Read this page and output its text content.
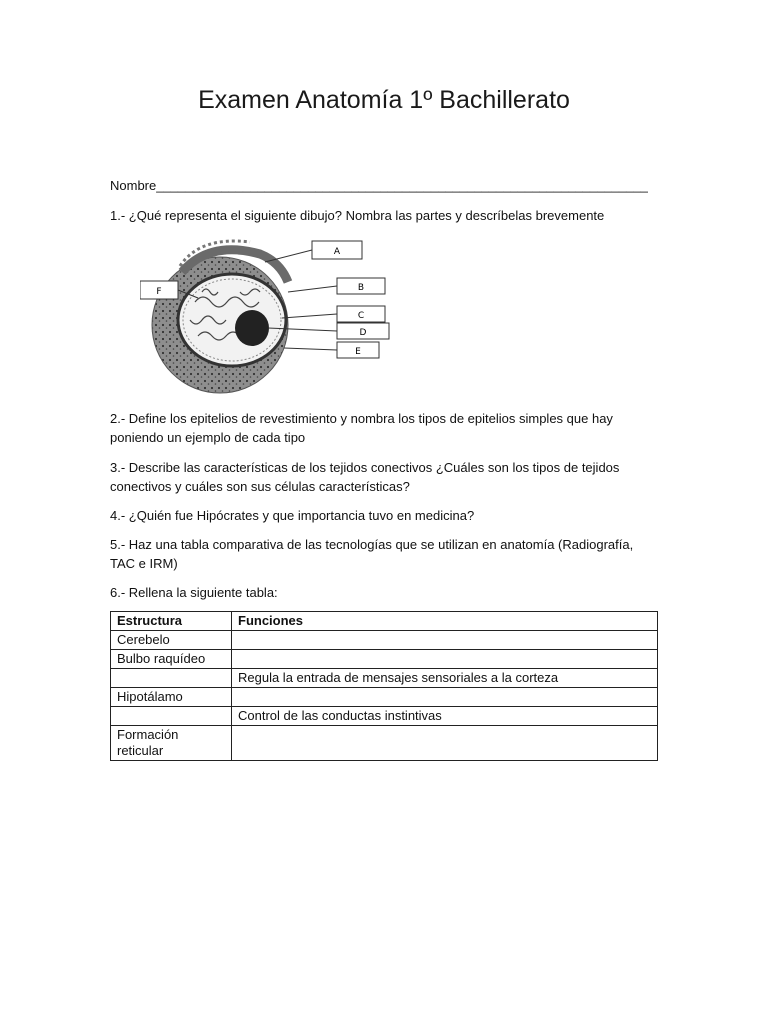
Examen Anatomía 1º Bachillerato

Nombre____________________________________________________________________

1.- ¿Qué representa el siguiente dibujo? Nombra las partes y descríbelas brevemente

A
B
C
D
E
F

2.- Define los epitelios de revestimiento y nombra los tipos de epitelios simples que hay poniendo un ejemplo de cada tipo

3.- Describe las características de los tejidos conectivos ¿Cuáles son los tipos de tejidos conectivos y cuáles son sus células características?

4.- ¿Quién fue Hipócrates y que importancia tuvo en medicina?

5.- Haz una tabla comparativa de las tecnologías que se utilizan en anatomía (Radiografía, TAC e IRM)

6.- Rellena la siguiente tabla:

Estructura	Funciones
Cerebelo	
Bulbo raquídeo	
	Regula la entrada de mensajes sensoriales a la corteza
Hipotálamo	
	Control de las conductas instintivas
Formación reticular	
